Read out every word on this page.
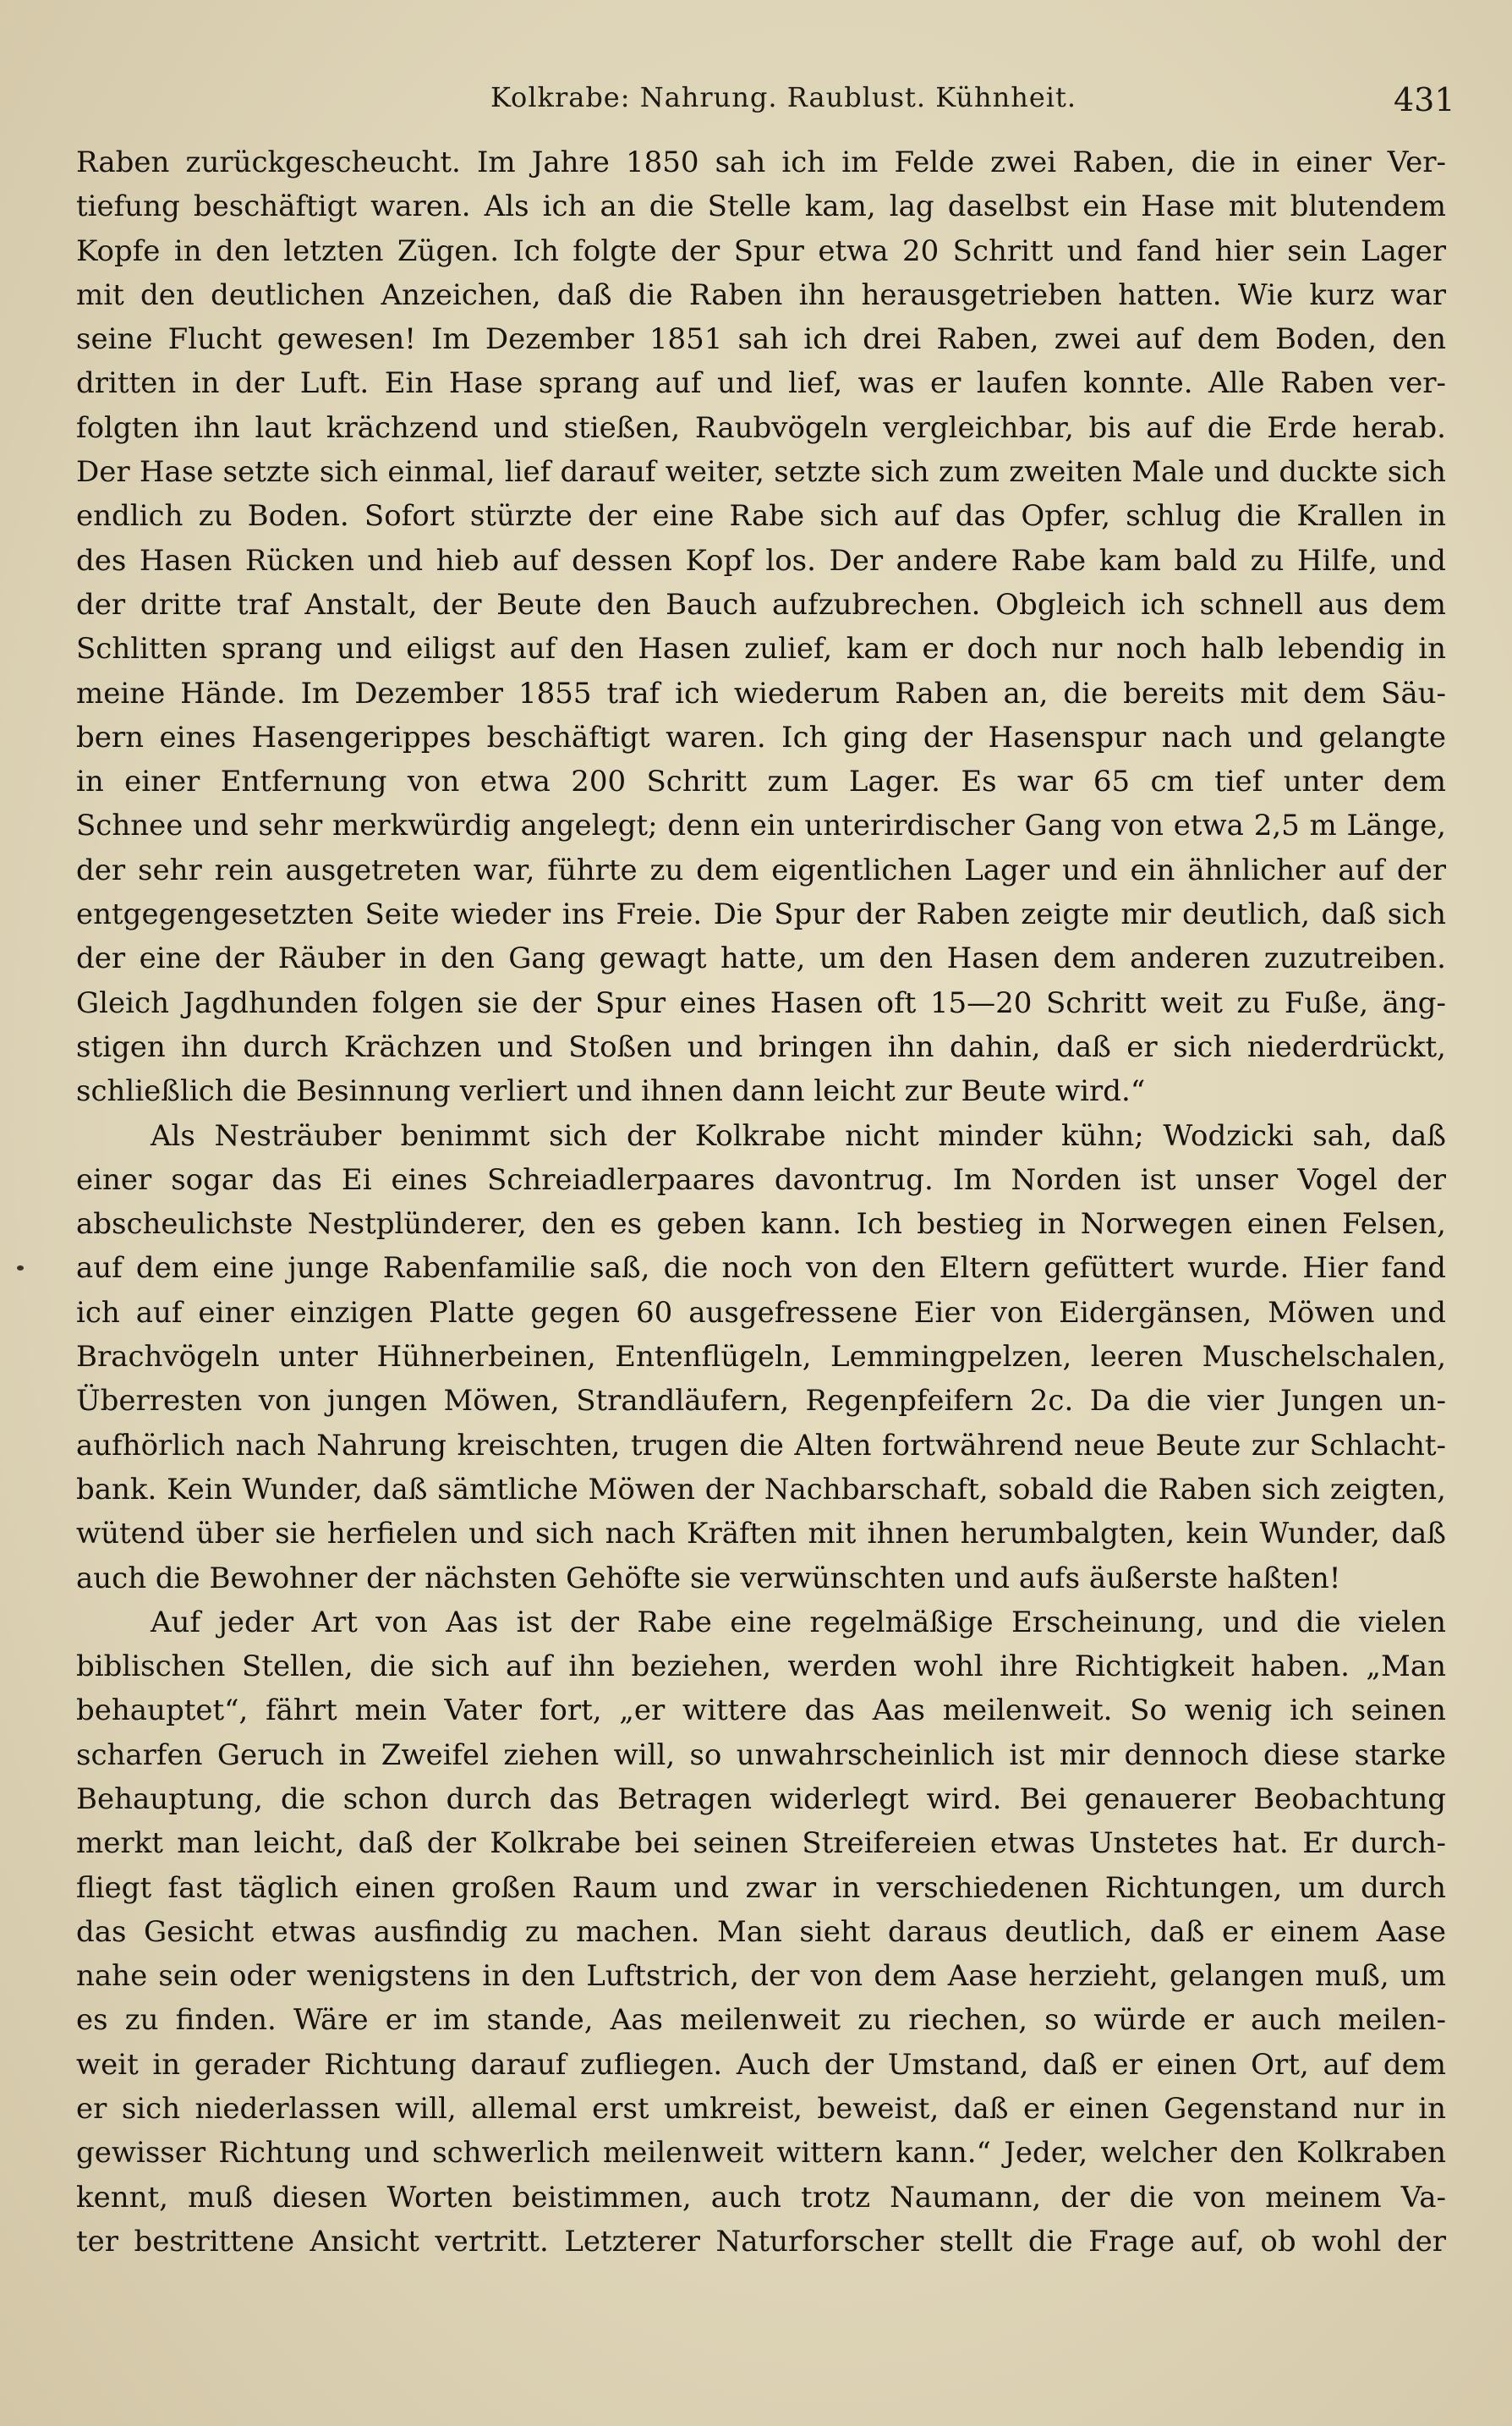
Kolkrabe: Nahrung. Raublust. Kühnheit.	431
Raben zurückgescheucht. Im Jahre 1850 sah ich im Felde zwei Raben, die in einer Ver-
tiefung beschäftigt waren. Als ich an die Stelle kam, lag daselbst ein Hase mit blutendem
Kopfe in den letzten Zügen. Ich folgte der Spur etwa 20 Schritt und fand hier sein Lager
mit den deutlichen Anzeichen, daß die Raben ihn herausgetrieben hatten. Wie kurz war
seine Flucht gewesen! Im Dezember 1851 sah ich drei Raben, zwei auf dem Boden, den
dritten in der Luft. Ein Hase sprang auf und lief, was er laufen konnte. Alle Raben ver-
folgten ihn laut krächzend und stießen, Raubvögeln vergleichbar, bis auf die Erde herab.
Der Hase setzte sich einmal, lief darauf weiter, setzte sich zum zweiten Male und duckte sich
endlich zu Boden. Sofort stürzte der eine Rabe sich auf das Opfer, schlug die Krallen in
des Hasen Rücken und hieb auf dessen Kopf los. Der andere Rabe kam bald zu Hilfe, und
der dritte traf Anstalt, der Beute den Bauch aufzubrechen. Obgleich ich schnell aus dem
Schlitten sprang und eiligst auf den Hasen zulief, kam er doch nur noch halb lebendig in
meine Hände. Im Dezember 1855 traf ich wiederum Raben an, die bereits mit dem Säu-
bern eines Hasengerippes beschäftigt waren. Ich ging der Hasenspur nach und gelangte
in einer Entfernung von etwa 200 Schritt zum Lager. Es war 65 cm tief unter dem
Schnee und sehr merkwürdig angelegt; denn ein unterirdischer Gang von etwa 2,5 m Länge,
der sehr rein ausgetreten war, führte zu dem eigentlichen Lager und ein ähnlicher auf der
entgegengesetzten Seite wieder ins Freie. Die Spur der Raben zeigte mir deutlich, daß sich
der eine der Räuber in den Gang gewagt hatte, um den Hasen dem anderen zuzutreiben.
Gleich Jagdhunden folgen sie der Spur eines Hasen oft 15—20 Schritt weit zu Fuße, äng-
stigen ihn durch Krächzen und Stoßen und bringen ihn dahin, daß er sich niederdrückt,
schließlich die Besinnung verliert und ihnen dann leicht zur Beute wird.“
Als Nesträuber benimmt sich der Kolkrabe nicht minder kühn; Wodzicki sah, daß
einer sogar das Ei eines Schreiadlerpaares davontrug. Im Norden ist unser Vogel der
abscheulichste Nestplünderer, den es geben kann. Ich bestieg in Norwegen einen Felsen,
auf dem eine junge Rabenfamilie saß, die noch von den Eltern gefüttert wurde. Hier fand
ich auf einer einzigen Platte gegen 60 ausgefressene Eier von Eidergänsen, Möwen und
Brachvögeln unter Hühnerbeinen, Entenflügeln, Lemmingpelzen, leeren Muschelschalen,
Überresten von jungen Möwen, Strandläufern, Regenpfeifern 2c. Da die vier Jungen un-
aufhörlich nach Nahrung kreischten, trugen die Alten fortwährend neue Beute zur Schlacht-
bank. Kein Wunder, daß sämtliche Möwen der Nachbarschaft, sobald die Raben sich zeigten,
wütend über sie herfielen und sich nach Kräften mit ihnen herumbalgten, kein Wunder, daß
auch die Bewohner der nächsten Gehöfte sie verwünschten und aufs äußerste haßten!
Auf jeder Art von Aas ist der Rabe eine regelmäßige Erscheinung, und die vielen
biblischen Stellen, die sich auf ihn beziehen, werden wohl ihre Richtigkeit haben. „Man
behauptet“, fährt mein Vater fort, „er wittere das Aas meilenweit. So wenig ich seinen
scharfen Geruch in Zweifel ziehen will, so unwahrscheinlich ist mir dennoch diese starke
Behauptung, die schon durch das Betragen widerlegt wird. Bei genauerer Beobachtung
merkt man leicht, daß der Kolkrabe bei seinen Streifereien etwas Unstetes hat. Er durch-
fliegt fast täglich einen großen Raum und zwar in verschiedenen Richtungen, um durch
das Gesicht etwas ausfindig zu machen. Man sieht daraus deutlich, daß er einem Aase
nahe sein oder wenigstens in den Luftstrich, der von dem Aase herzieht, gelangen muß, um
es zu finden. Wäre er im stande, Aas meilenweit zu riechen, so würde er auch meilen-
weit in gerader Richtung darauf zufliegen. Auch der Umstand, daß er einen Ort, auf dem
er sich niederlassen will, allemal erst umkreist, beweist, daß er einen Gegenstand nur in
gewisser Richtung und schwerlich meilenweit wittern kann.“ Jeder, welcher den Kolkraben
kennt, muß diesen Worten beistimmen, auch trotz Naumann, der die von meinem Va-
ter bestrittene Ansicht vertritt. Letzterer Naturforscher stellt die Frage auf, ob wohl der
